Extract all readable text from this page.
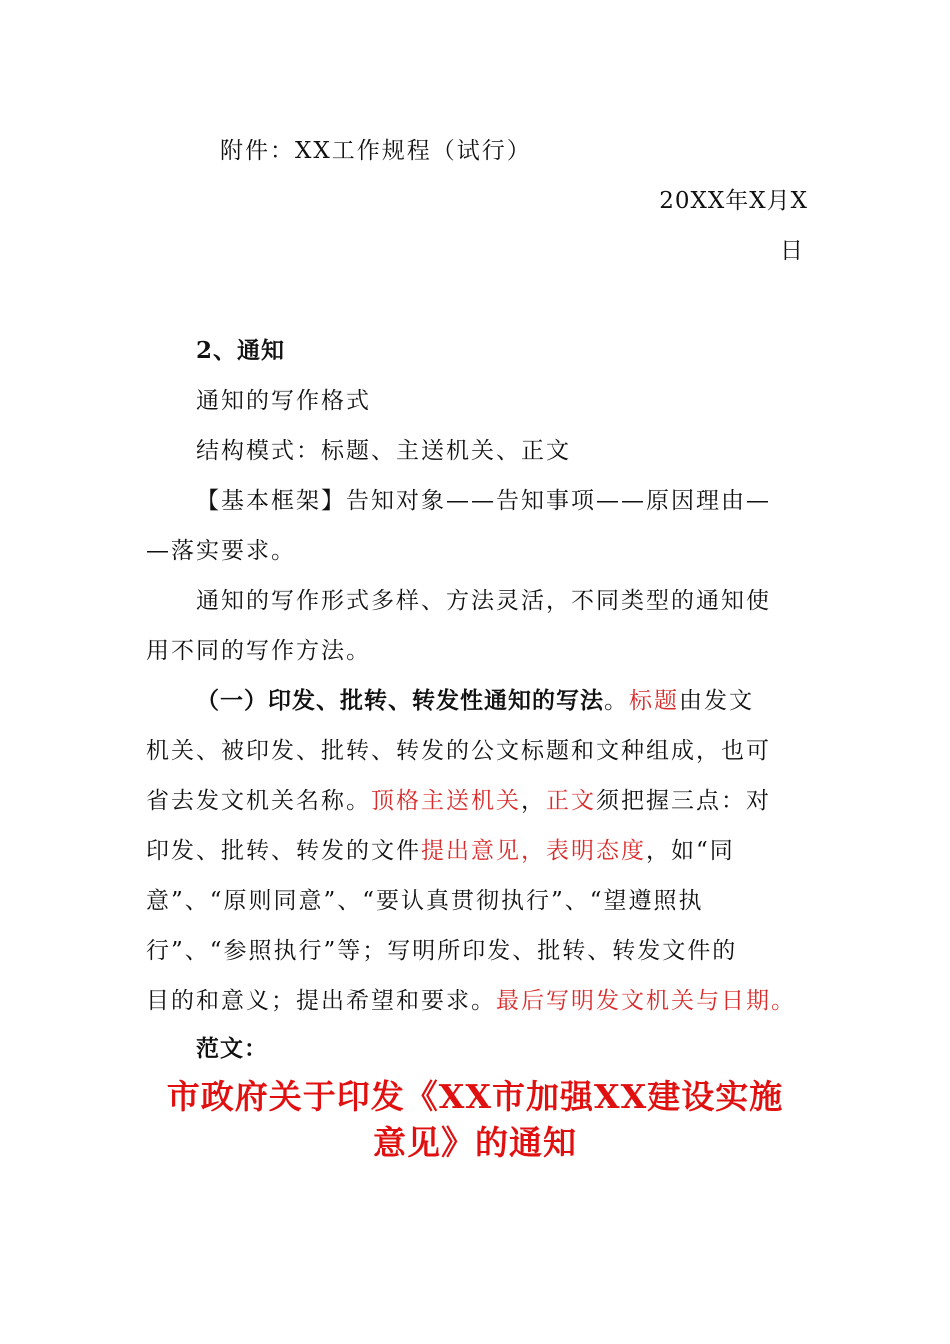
附件：XX工作规程（试行）
20XX年X月X
日
2、通知
通知的写作格式
结构模式：标题、主送机关、正文
【基本框架】告知对象——告知事项——原因理由—
—落实要求。
通知的写作形式多样、方法灵活，不同类型的通知使
用不同的写作方法。
（一）印发、批转、转发性通知的写法。标题由发文
机关、被印发、批转、转发的公文标题和文种组成，也可
省去发文机关名称。顶格主送机关，正文须把握三点：对
印发、批转、转发的文件提出意见，表明态度，如“同
意”、“原则同意”、“要认真贯彻执行”、“望遵照执
行”、“参照执行”等；写明所印发、批转、转发文件的
目的和意义；提出希望和要求。最后写明发文机关与日期。
范文：
市政府关于印发《XX市加强XX建设实施
意见》的通知
